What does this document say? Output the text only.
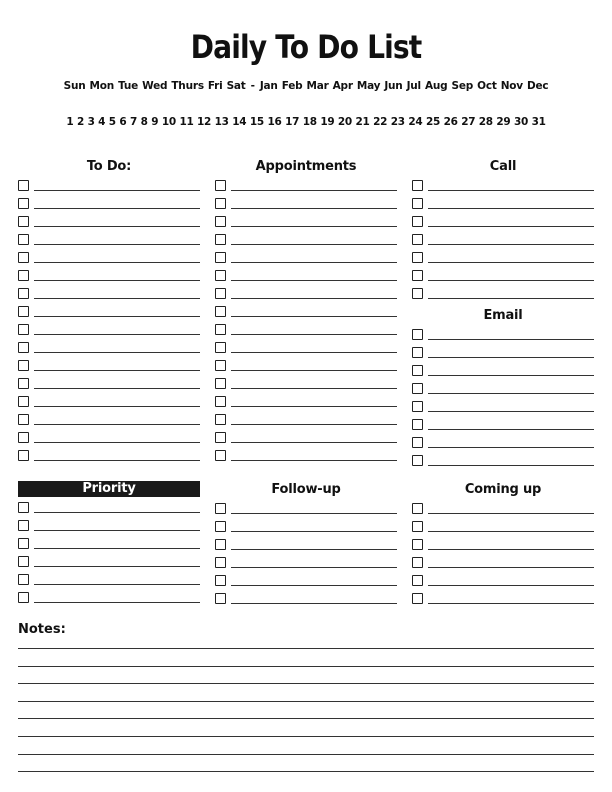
Daily To Do List
Sun Mon Tue Wed Thurs Fri Sat - Jan Feb Mar Apr May Jun Jul Aug Sep Oct Nov Dec
1 2 3 4 5 6 7 8 9 10 11 12 13 14 15 16 17 18 19 20 21 22 23 24 25 26 27 28 29 30 31
To Do:
Priority
Appointments
Follow-up
Call
Email
Coming up
Notes:
